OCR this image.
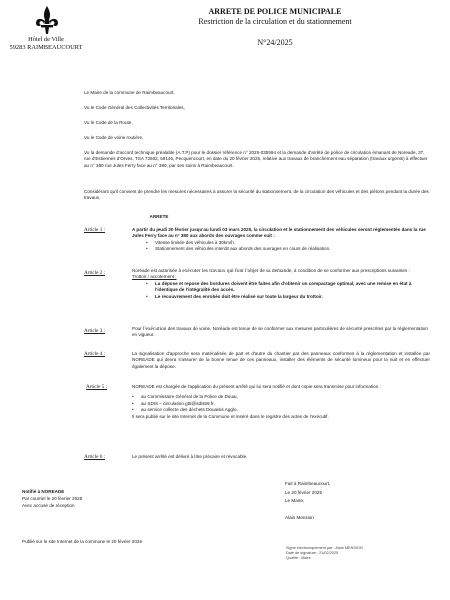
Hôtel de Ville
59283 RAIMBEAUCOURT
ARRETE DE POLICE MUNICIPALE
Restriction de la circulation et du stationnement
N°24/2025
Le Maire de la commune de Raimbeaucourt,
Vu le Code Général des Collectivités Territoriales,
Vu le Code de la Route,
Vu le Code de voirie routière,
Vu la demande d'accord technique préalable (A.T.P) pour le dossier référence n° 2025-035594 et la demande d'arrêté de police de circulation émanant de Noreade, 37, rue d'Estiennes d'Orves, TSA 72502, 59146, Pecquencourt, en date du 20 février 2025, relative aux travaux de branchement eau séparation (travaux urgents) à effectuer au n° 380 rue Jules Ferry face au n° 380, par ses soins à Raimbeaucourt.
Considérant qu'il convient de prendre les mesures nécessaires à assurer la sécurité du stationnement, de la circulation des véhicules et des piétons pendant la durée des travaux,
ARRETE
Article 1 :	A partir du jeudi 20 février jusqu'au lundi 03 mars 2025, la circulation et le stationnement des véhicules seront réglementés dans la rue Jules Ferry face au n° 380 aux abords des ouvrages comme suit :
• Vitesse limitée des véhicules à 30km/h.
• Stationnement des véhicules interdit aux abords des ouvrages en cours de réalisation.
Article 2 :	Noréade est autorisée à exécuter les travaux qui font l'objet de sa demande, à condition de se conformer aux prescriptions suivantes :
Trottoir / accotement :
• La dépose et repose des bordures doivent être faites afin d'obtenir un compactage optimal, avec une remise en état à l'identique de l'intégralité des accès.
• Le recouvrement des enrobés doit être réalisé sur toute la largeur du trottoir.
Article 3 :	Pour l'exécution des travaux de voirie, Noréade est tenue de se conformer aux mesures particulières de sécurité prescrites par la réglementation en vigueur.
Article 4 :	La signalisation d'approche sera matérialisée de part et d'autre du chantier par des panneaux conformes à la réglementation et installée par NOREADE qui devra s'assurer de la bonne tenue de ces panneaux, installer des éléments de sécurité lumineux pour la nuit et en effectuer également la dépose.
Article 5 :	NOREADE est chargée de l'application du présent arrêté qui lui sera notifié et dont copie sera transmise pour information :
• au Commissaire Général de la Police de Douai,
• au SDIS – circulation.gt5@sdis59.fr,
• au service collecte des déchets Douaisis Agglo.
Il sera publié sur le site Internet de la Commune et inséré dans le registre des actes de l'exécutif.
Article 6 :	Le présent arrêté est délivré à titre précaire et révocable.
Fait à Raimbeaucourt,
Le 20 février 2025
Le Maire,
Alain Mension
Notifié à NOREADE
Par courriel le 20 février 2025
Avec accusé de réception
Publié sur le site Internet de la commune le 20 février 2025
Signé électroniquement par : Alain MENSION
Date de signature : 21/02/2025
Qualité : Maire
